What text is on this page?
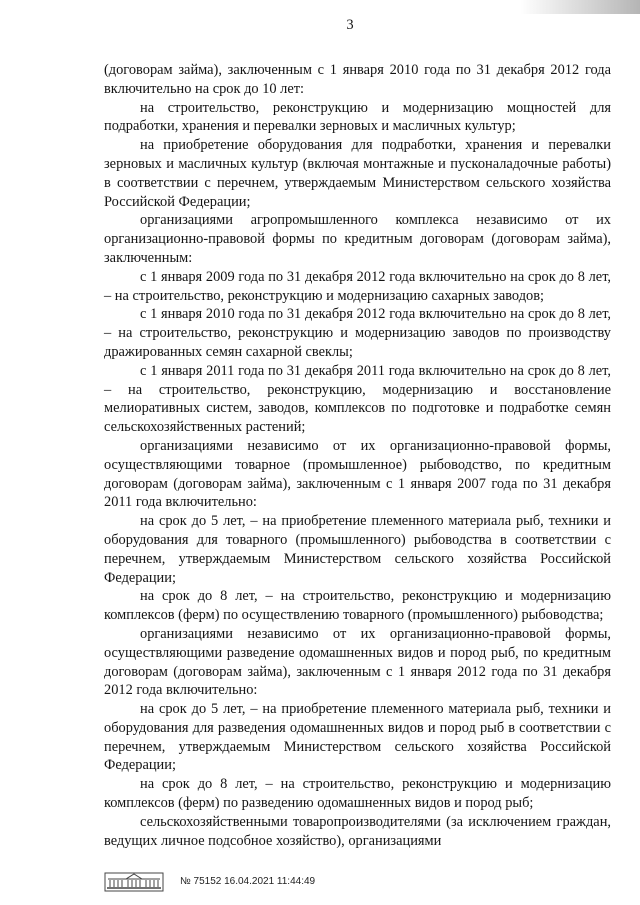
3

(договорам займа), заключенным с 1 января 2010 года по 31 декабря 2012 года включительно на срок до 10 лет:

на строительство, реконструкцию и модернизацию мощностей для подработки, хранения и перевалки зерновых и масличных культур;

на приобретение оборудования для подработки, хранения и перевалки зерновых и масличных культур (включая монтажные и пусконаладочные работы) в соответствии с перечнем, утверждаемым Министерством сельского хозяйства Российской Федерации;

организациями агропромышленного комплекса независимо от их организационно-правовой формы по кредитным договорам (договорам займа), заключенным:

с 1 января 2009 года по 31 декабря 2012 года включительно на срок до 8 лет, – на строительство, реконструкцию и модернизацию сахарных заводов;

с 1 января 2010 года по 31 декабря 2012 года включительно на срок до 8 лет, – на строительство, реконструкцию и модернизацию заводов по производству дражированных семян сахарной свеклы;

с 1 января 2011 года по 31 декабря 2011 года включительно на срок до 8 лет, – на строительство, реконструкцию, модернизацию и восстановление мелиоративных систем, заводов, комплексов по подготовке и подработке семян сельскохозяйственных растений;

организациями независимо от их организационно-правовой формы, осуществляющими товарное (промышленное) рыбоводство, по кредитным договорам (договорам займа), заключенным с 1 января 2007 года по 31 декабря 2011 года включительно:

на срок до 5 лет, – на приобретение племенного материала рыб, техники и оборудования для товарного (промышленного) рыбоводства в соответствии с перечнем, утверждаемым Министерством сельского хозяйства Российской Федерации;

на срок до 8 лет, – на строительство, реконструкцию и модернизацию комплексов (ферм) по осуществлению товарного (промышленного) рыбоводства;

организациями независимо от их организационно-правовой формы, осуществляющими разведение одомашненных видов и пород рыб, по кредитным договорам (договорам займа), заключенным с 1 января 2012 года по 31 декабря 2012 года включительно:

на срок до 5 лет, – на приобретение племенного материала рыб, техники и оборудования для разведения одомашненных видов и пород рыб в соответствии с перечнем, утверждаемым Министерством сельского хозяйства Российской Федерации;

на срок до 8 лет, – на строительство, реконструкцию и модернизацию комплексов (ферм) по разведению одомашненных видов и пород рыб;

сельскохозяйственными товаропроизводителями (за исключением граждан, ведущих личное подсобное хозяйство), организациями

№ 75152 16.04.2021 11:44:49
